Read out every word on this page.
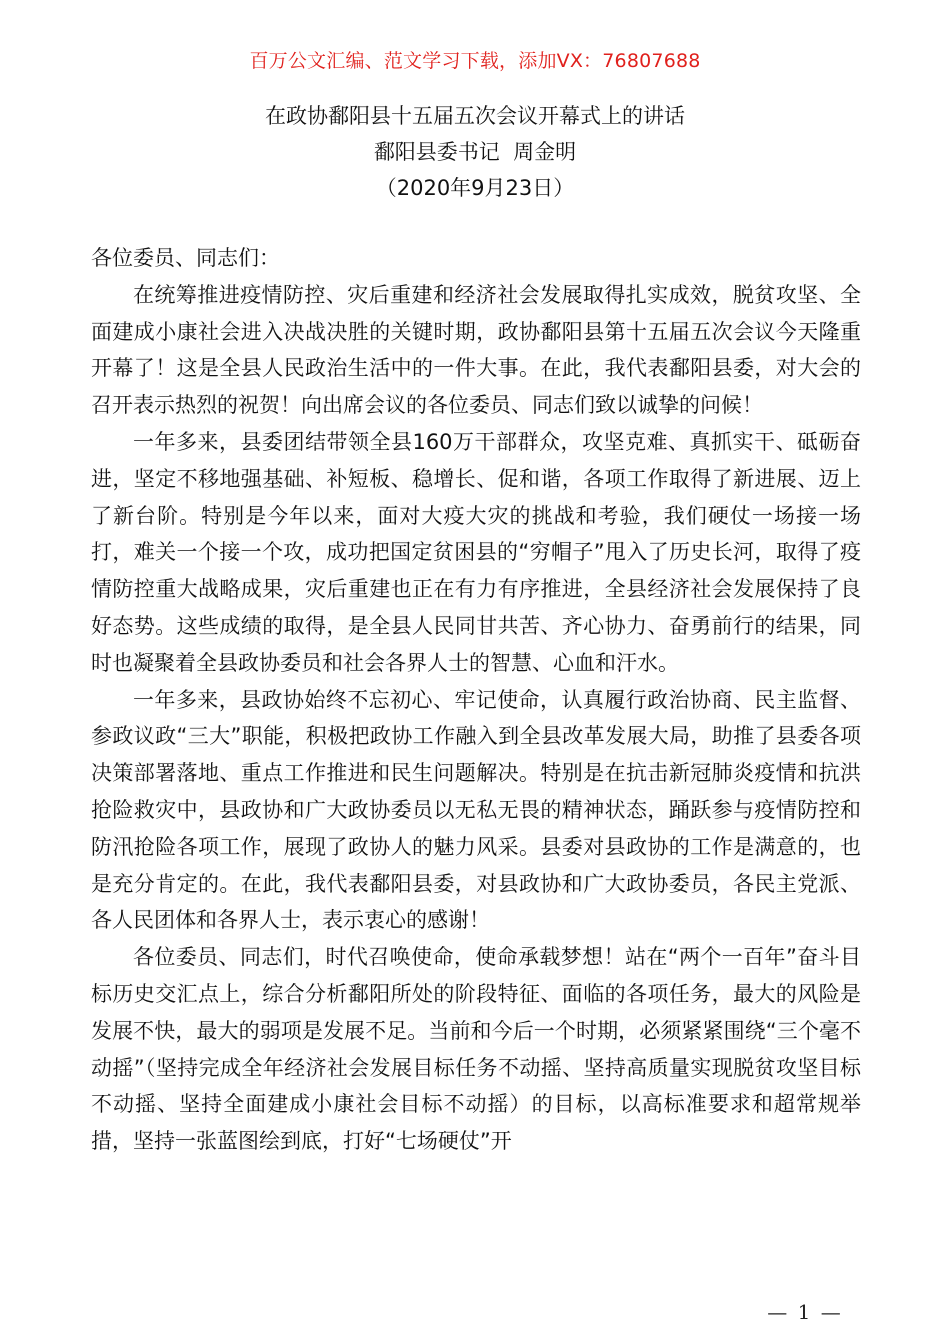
百万公文汇编、范文学习下载，添加VX：76807688
在政协鄱阳县十五届五次会议开幕式上的讲话
鄱阳县委书记  周金明
（2020年9月23日）

各位委员、同志们：

在统筹推进疫情防控、灾后重建和经济社会发展取得扎实成效，脱贫攻坚、全面建成小康社会进入决战决胜的关键时期，政协鄱阳县第十五届五次会议今天隆重开幕了！这是全县人民政治生活中的一件大事。在此，我代表鄱阳县委，对大会的召开表示热烈的祝贺！向出席会议的各位委员、同志们致以诚挚的问候！

一年多来，县委团结带领全县160万干部群众，攻坚克难、真抓实干、砥砺奋进，坚定不移地强基础、补短板、稳增长、促和谐，各项工作取得了新进展、迈上了新台阶。特别是今年以来，面对大疫大灾的挑战和考验，我们硬仗一场接一场打，难关一个接一个攻，成功把国定贫困县的“穷帽子”甩入了历史长河，取得了疫情防控重大战略成果，灾后重建也正在有力有序推进，全县经济社会发展保持了良好态势。这些成绩的取得，是全县人民同甘共苦、齐心协力、奋勇前行的结果，同时也凝聚着全县政协委员和社会各界人士的智慧、心血和汗水。

一年多来，县政协始终不忘初心、牢记使命，认真履行政治协商、民主监督、参政议政“三大”职能，积极把政协工作融入到全县改革发展大局，助推了县委各项决策部署落地、重点工作推进和民生问题解决。特别是在抗击新冠肺炎疫情和抗洪抢险救灾中，县政协和广大政协委员以无私无畏的精神状态，踊跃参与疫情防控和防汛抢险各项工作，展现了政协人的魅力风采。县委对县政协的工作是满意的，也是充分肯定的。在此，我代表鄱阳县委，对县政协和广大政协委员，各民主党派、各人民团体和各界人士，表示衷心的感谢！

各位委员、同志们，时代召唤使命，使命承载梦想！站在“两个一百年”奋斗目标历史交汇点上，综合分析鄱阳所处的阶段特征、面临的各项任务，最大的风险是发展不快，最大的弱项是发展不足。当前和今后一个时期，必须紧紧围绕“三个毫不动摇”（坚持完成全年经济社会发展目标任务不动摇、坚持高质量实现脱贫攻坚目标不动摇、坚持全面建成小康社会目标不动摇）的目标，以高标准要求和超常规举措，坚持一张蓝图绘到底，打好“七场硬仗”开

— 1 —
